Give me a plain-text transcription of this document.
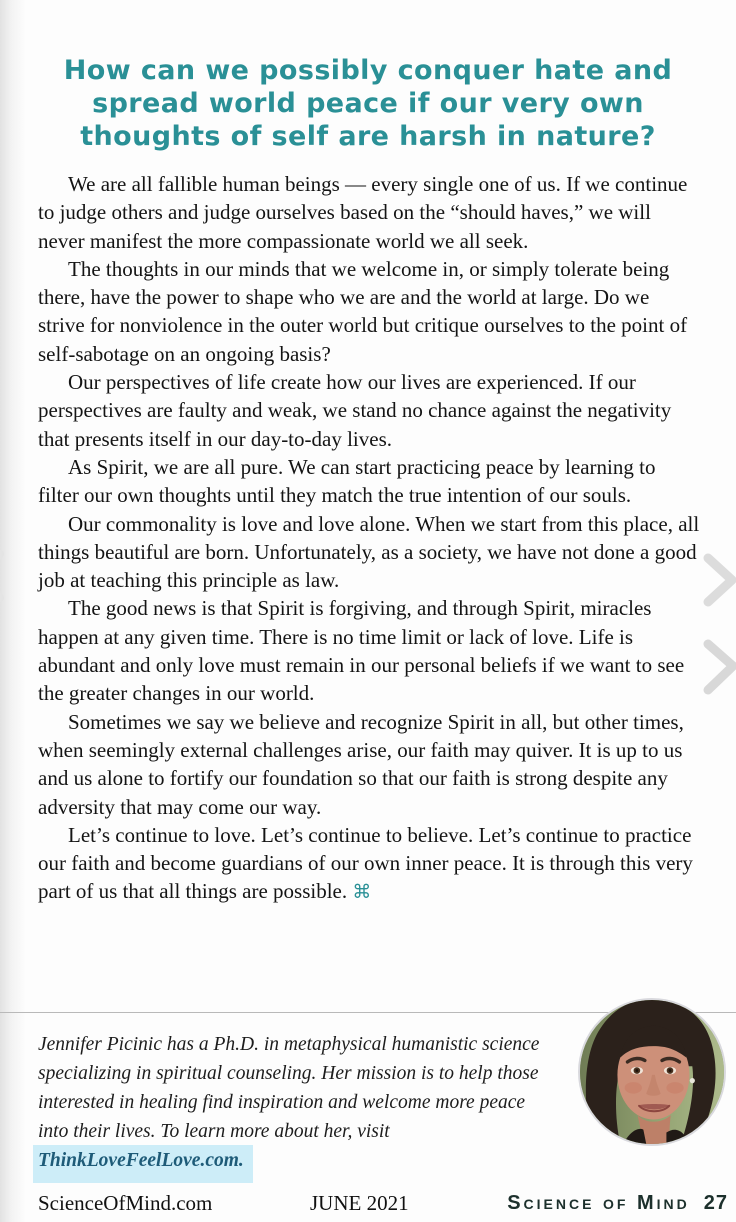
How can we possibly conquer hate and
spread world peace if our very own
thoughts of self are harsh in nature?

We are all fallible human beings — every single one of us. If we continue to judge others and judge ourselves based on the “should haves,” we will never manifest the more compassionate world we all seek.

The thoughts in our minds that we welcome in, or simply tolerate being there, have the power to shape who we are and the world at large. Do we strive for nonviolence in the outer world but critique ourselves to the point of self-sabotage on an ongoing basis?

Our perspectives of life create how our lives are experienced. If our perspectives are faulty and weak, we stand no chance against the negativity that presents itself in our day-to-day lives.

As Spirit, we are all pure. We can start practicing peace by learning to filter our own thoughts until they match the true intention of our souls.

Our commonality is love and love alone. When we start from this place, all things beautiful are born. Unfortunately, as a society, we have not done a good job at teaching this principle as law.

The good news is that Spirit is forgiving, and through Spirit, miracles happen at any given time. There is no time limit or lack of love. Life is abundant and only love must remain in our personal beliefs if we want to see the greater changes in our world.

Sometimes we say we believe and recognize Spirit in all, but other times, when seemingly external challenges arise, our faith may quiver. It is up to us and us alone to fortify our foundation so that our faith is strong despite any adversity that may come our way.

Let’s continue to love. Let’s continue to believe. Let’s continue to practice our faith and become guardians of our own inner peace. It is through this very part of us that all things are possible. ⌘

Jennifer Picinic has a Ph.D. in metaphysical humanistic science specializing in spiritual counseling. Her mission is to help those interested in healing find inspiration and welcome more peace into their lives. To learn more about her, visit ThinkLoveFeelLove.com.
ScienceOfMind.com	JUNE 2021	Science of Mind 27
